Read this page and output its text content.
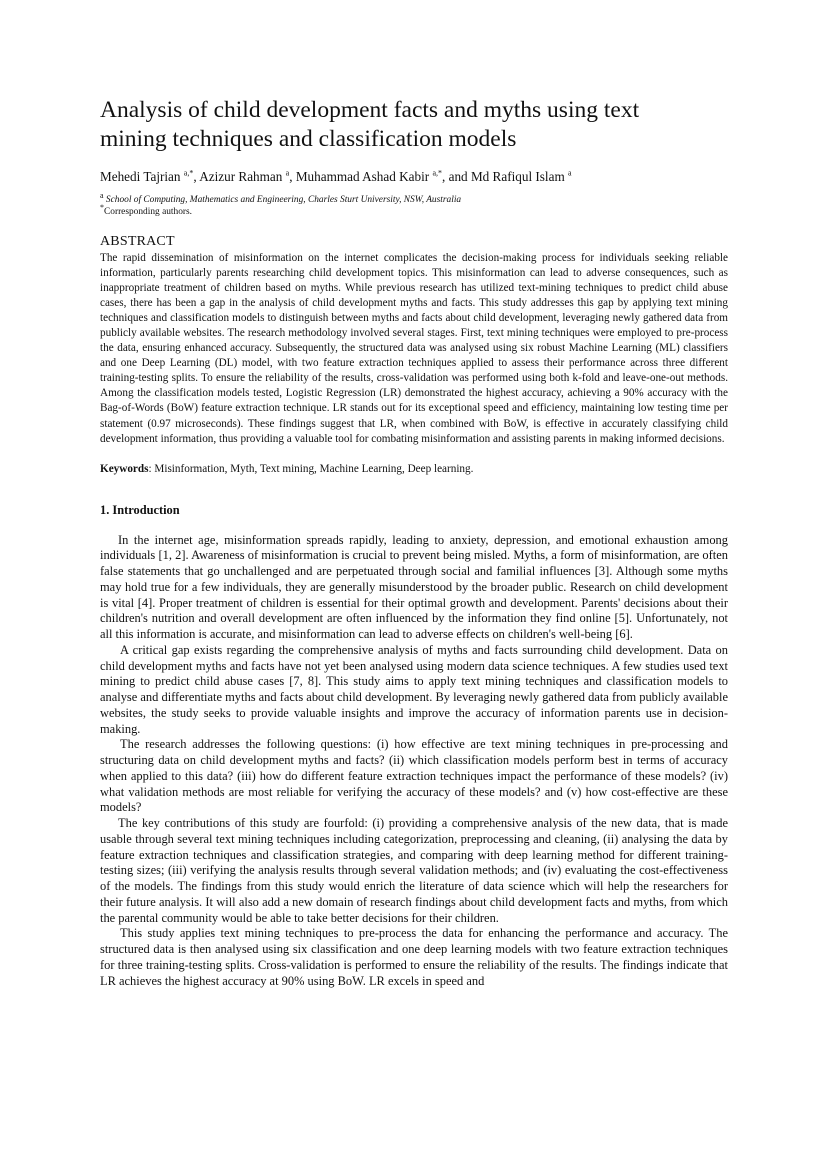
Analysis of child development facts and myths using text
mining techniques and classification models

Mehedi Tajrian $^{a,*}$, Azizur Rahman $^a$, Muhammad Ashad Kabir $^{a,*}$, and Md Rafiqul Islam $^a$

$^a$ School of Computing, Mathematics and Engineering, Charles Sturt University, NSW, Australia

*Corresponding authors.

ABSTRACT

The rapid dissemination of misinformation on the internet complicates the decision-making process for individuals seeking reliable information, particularly parents researching child development topics. This misinformation can lead to adverse consequences, such as inappropriate treatment of children based on myths. While previous research has utilized text-mining techniques to predict child abuse cases, there has been a gap in the analysis of child development myths and facts. This study addresses this gap by applying text mining techniques and classification models to distinguish between myths and facts about child development, leveraging newly gathered data from publicly available websites. The research methodology involved several stages. First, text mining techniques were employed to pre-process the data, ensuring enhanced accuracy. Subsequently, the structured data was analysed using six robust Machine Learning (ML) classifiers and one Deep Learning (DL) model, with two feature extraction techniques applied to assess their performance across three different training-testing splits. To ensure the reliability of the results, cross-validation was performed using both k-fold and leave-one-out methods. Among the classification models tested, Logistic Regression (LR) demonstrated the highest accuracy, achieving a 90% accuracy with the Bag-of-Words (BoW) feature extraction technique. LR stands out for its exceptional speed and efficiency, maintaining low testing time per statement (0.97 microseconds). These findings suggest that LR, when combined with BoW, is effective in accurately classifying child development information, thus providing a valuable tool for combating misinformation and assisting parents in making informed decisions.

Keywords: Misinformation, Myth, Text mining, Machine Learning, Deep learning.

1. Introduction

In the internet age, misinformation spreads rapidly, leading to anxiety, depression, and emotional exhaustion among individuals [1, 2]. Awareness of misinformation is crucial to prevent being misled. Myths, a form of misinformation, are often false statements that go unchallenged and are perpetuated through social and familial influences [3]. Although some myths may hold true for a few individuals, they are generally misunderstood by the broader public. Research on child development is vital [4]. Proper treatment of children is essential for their optimal growth and development. Parents' decisions about their children's nutrition and overall development are often influenced by the information they find online [5]. Unfortunately, not all this information is accurate, and misinformation can lead to adverse effects on children's well-being [6].

A critical gap exists regarding the comprehensive analysis of myths and facts surrounding child development. Data on child development myths and facts have not yet been analysed using modern data science techniques. A few studies used text mining to predict child abuse cases [7, 8]. This study aims to apply text mining techniques and classification models to analyse and differentiate myths and facts about child development. By leveraging newly gathered data from publicly available websites, the study seeks to provide valuable insights and improve the accuracy of information parents use in decision-making.

The research addresses the following questions: (i) how effective are text mining techniques in pre-processing and structuring data on child development myths and facts? (ii) which classification models perform best in terms of accuracy when applied to this data? (iii) how do different feature extraction techniques impact the performance of these models? (iv) what validation methods are most reliable for verifying the accuracy of these models? and (v) how cost-effective are these models?

The key contributions of this study are fourfold: (i) providing a comprehensive analysis of the new data, that is made usable through several text mining techniques including categorization, preprocessing and cleaning, (ii) analysing the data by feature extraction techniques and classification strategies, and comparing with deep learning method for different training-testing sizes; (iii) verifying the analysis results through several validation methods; and (iv) evaluating the cost-effectiveness of the models. The findings from this study would enrich the literature of data science which will help the researchers for their future analysis. It will also add a new domain of research findings about child development facts and myths, from which the parental community would be able to take better decisions for their children.

This study applies text mining techniques to pre-process the data for enhancing the performance and accuracy. The structured data is then analysed using six classification and one deep learning models with two feature extraction techniques for three training-testing splits. Cross-validation is performed to ensure the reliability of the results. The findings indicate that LR achieves the highest accuracy at 90% using BoW. LR excels in speed and
